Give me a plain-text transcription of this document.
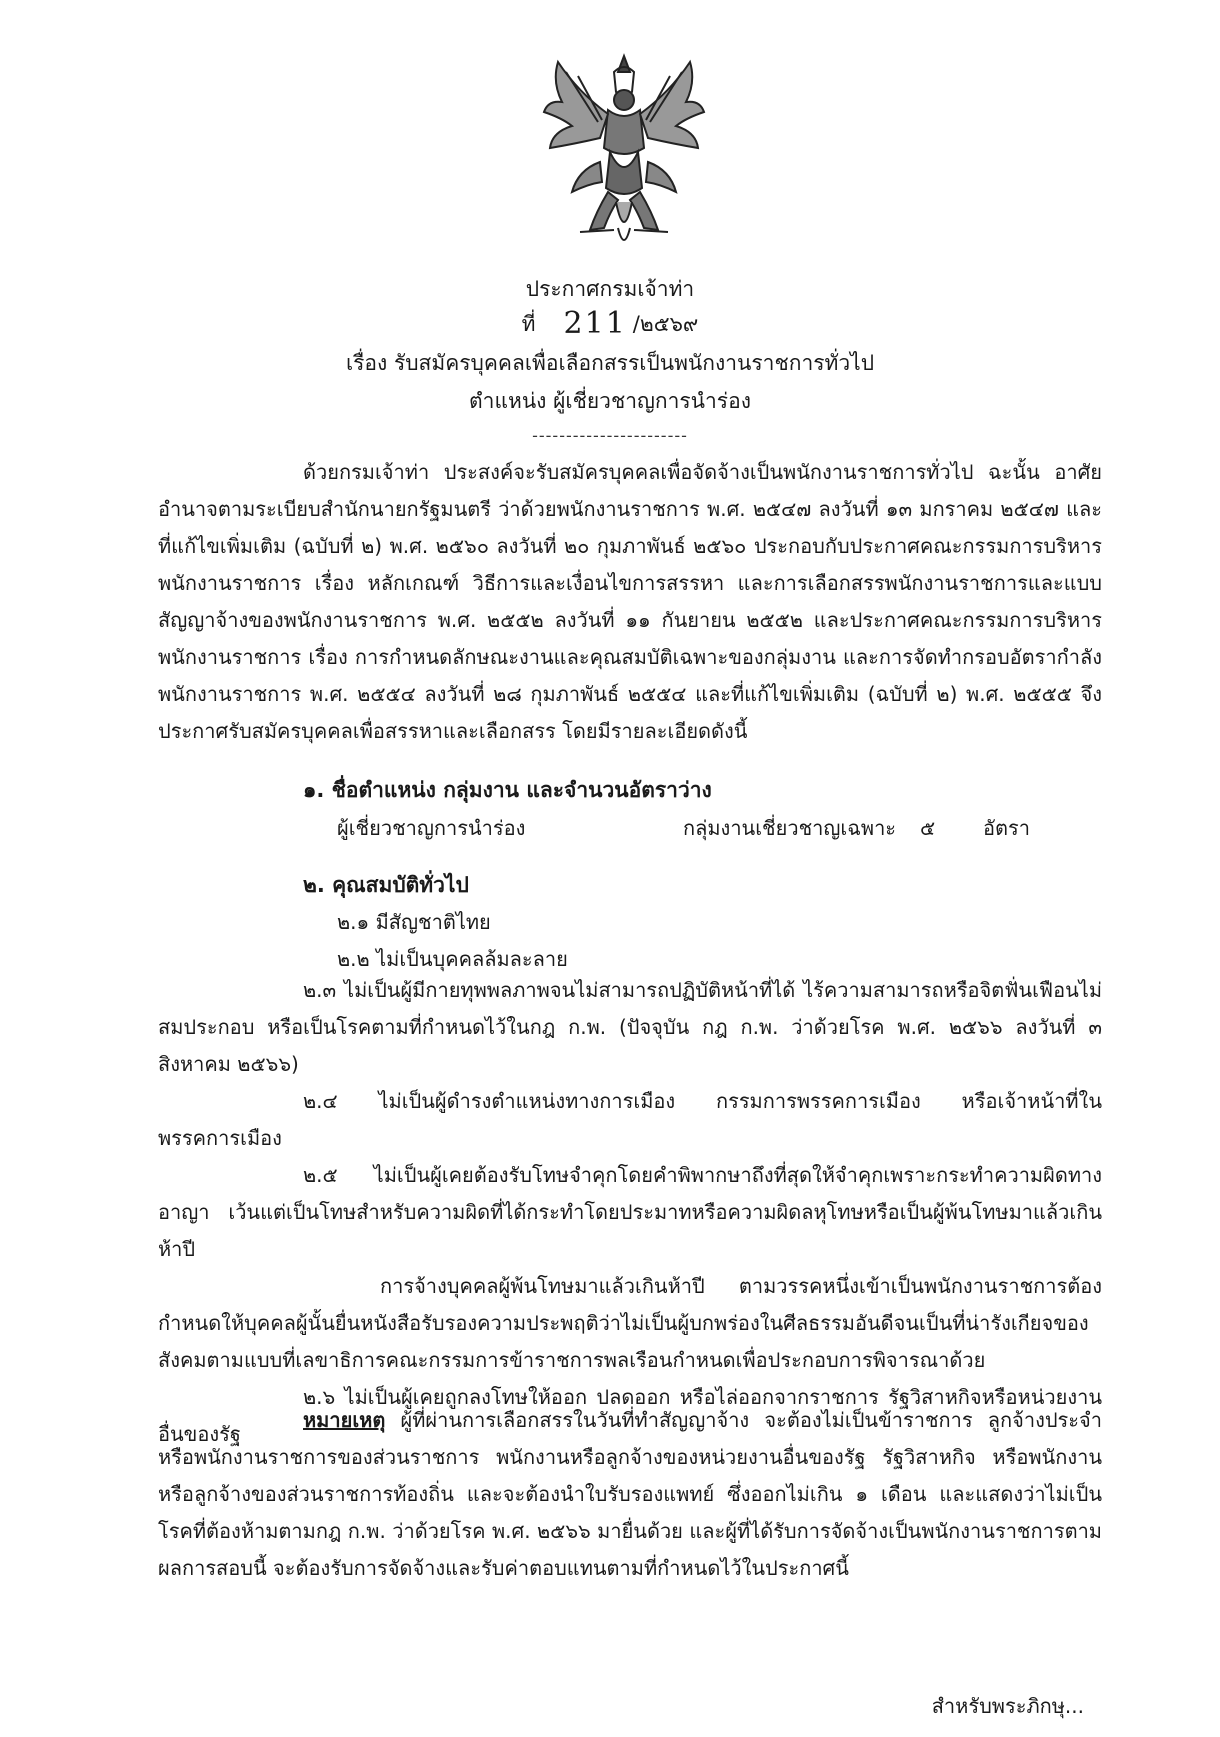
ประกาศกรมเจ้าท่า
ที่ 211 /๒๕๖๙
เรื่อง รับสมัครบุคคลเพื่อเลือกสรรเป็นพนักงานราชการทั่วไป
ตำแหน่ง ผู้เชี่ยวชาญการนำร่อง
-----------------------

ด้วยกรมเจ้าท่า ประสงค์จะรับสมัครบุคคลเพื่อจัดจ้างเป็นพนักงานราชการทั่วไป ฉะนั้น อาศัยอำนาจตามระเบียบสำนักนายกรัฐมนตรี ว่าด้วยพนักงานราชการ พ.ศ. ๒๕๔๗ ลงวันที่ ๑๓ มกราคม ๒๕๔๗ และที่แก้ไขเพิ่มเติม (ฉบับที่ ๒) พ.ศ. ๒๕๖๐ ลงวันที่ ๒๐ กุมภาพันธ์ ๒๕๖๐ ประกอบกับประกาศคณะกรรมการบริหารพนักงานราชการ เรื่อง หลักเกณฑ์ วิธีการและเงื่อนไขการสรรหา และการเลือกสรรพนักงานราชการและแบบสัญญาจ้างของพนักงานราชการ พ.ศ. ๒๕๕๒ ลงวันที่ ๑๑ กันยายน ๒๕๕๒ และประกาศคณะกรรมการบริหารพนักงานราชการ เรื่อง การกำหนดลักษณะงานและคุณสมบัติเฉพาะของกลุ่มงาน และการจัดทำกรอบอัตรากำลังพนักงานราชการ พ.ศ. ๒๕๕๔ ลงวันที่ ๒๘ กุมภาพันธ์ ๒๕๕๔ และที่แก้ไขเพิ่มเติม (ฉบับที่ ๒) พ.ศ. ๒๕๕๕ จึงประกาศรับสมัครบุคคลเพื่อสรรหาและเลือกสรร โดยมีรายละเอียดดังนี้

๑. ชื่อตำแหน่ง กลุ่มงาน และจำนวนอัตราว่าง
ผู้เชี่ยวชาญการนำร่อง	กลุ่มงานเชี่ยวชาญเฉพาะ ๕ อัตรา
๒. คุณสมบัติทั่วไป
๒.๑ มีสัญชาติไทย
๒.๒ ไม่เป็นบุคคลล้มละลาย

๒.๓ ไม่เป็นผู้มีกายทุพพลภาพจนไม่สามารถปฏิบัติหน้าที่ได้ ไร้ความสามารถหรือจิตฟั่นเฟือนไม่สมประกอบ หรือเป็นโรคตามที่กำหนดไว้ในกฎ ก.พ. (ปัจจุบัน กฎ ก.พ. ว่าด้วยโรค พ.ศ. ๒๕๖๖ ลงวันที่ ๓ สิงหาคม ๒๕๖๖)

๒.๔ ไม่เป็นผู้ดำรงตำแหน่งทางการเมือง กรรมการพรรคการเมือง หรือเจ้าหน้าที่ในพรรคการเมือง

๒.๕ ไม่เป็นผู้เคยต้องรับโทษจำคุกโดยคำพิพากษาถึงที่สุดให้จำคุกเพราะกระทำความผิดทางอาญา เว้นแต่เป็นโทษสำหรับความผิดที่ได้กระทำโดยประมาทหรือความผิดลหุโทษหรือเป็นผู้พ้นโทษมาแล้วเกินห้าปี

การจ้างบุคคลผู้พ้นโทษมาแล้วเกินห้าปี ตามวรรคหนึ่งเข้าเป็นพนักงานราชการต้องกำหนดให้บุคคลผู้นั้นยื่นหนังสือรับรองความประพฤติว่าไม่เป็นผู้บกพร่องในศีลธรรมอันดีจนเป็นที่น่ารังเกียจของสังคมตามแบบที่เลขาธิการคณะกรรมการข้าราชการพลเรือนกำหนดเพื่อประกอบการพิจารณาด้วย

๒.๖ ไม่เป็นผู้เคยถูกลงโทษให้ออก ปลดออก หรือไล่ออกจากราชการ รัฐวิสาหกิจหรือหน่วยงานอื่นของรัฐ

หมายเหตุ ผู้ที่ผ่านการเลือกสรรในวันที่ทำสัญญาจ้าง จะต้องไม่เป็นข้าราชการ ลูกจ้างประจำหรือพนักงานราชการของส่วนราชการ พนักงานหรือลูกจ้างของหน่วยงานอื่นของรัฐ รัฐวิสาหกิจ หรือพนักงานหรือลูกจ้างของส่วนราชการท้องถิ่น และจะต้องนำใบรับรองแพทย์ ซึ่งออกไม่เกิน ๑ เดือน และแสดงว่าไม่เป็นโรคที่ต้องห้ามตามกฎ ก.พ. ว่าด้วยโรค พ.ศ. ๒๕๖๖ มายื่นด้วย และผู้ที่ได้รับการจัดจ้างเป็นพนักงานราชการตามผลการสอบนี้ จะต้องรับการจัดจ้างและรับค่าตอบแทนตามที่กำหนดไว้ในประกาศนี้

สำหรับพระภิกษุ...
